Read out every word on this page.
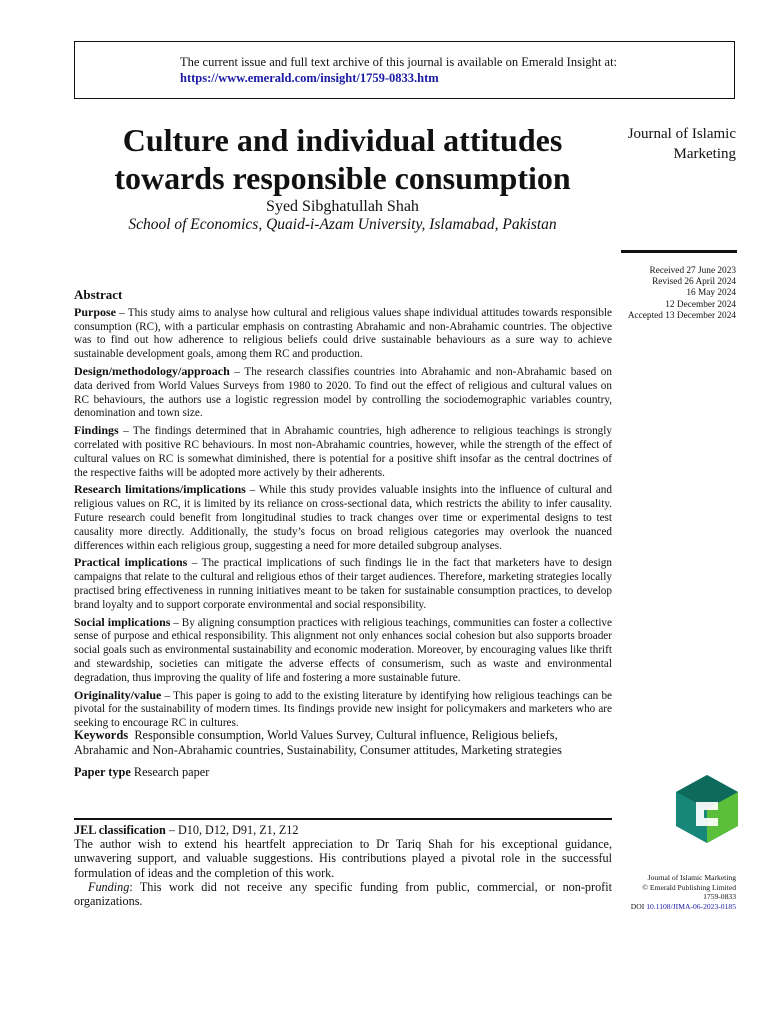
The current issue and full text archive of this journal is available on Emerald Insight at:
https://www.emerald.com/insight/1759-0833.htm
Culture and individual attitudes
towards responsible consumption
Syed Sibghatullah Shah
School of Economics, Quaid-i-Azam University, Islamabad, Pakistan
Journal of Islamic
Marketing
Received 27 June 2023
Revised 26 April 2024
16 May 2024
12 December 2024
Accepted 13 December 2024
Abstract

Purpose – This study aims to analyse how cultural and religious values shape individual attitudes towards responsible consumption (RC), with a particular emphasis on contrasting Abrahamic and non-Abrahamic countries. The objective was to find out how adherence to religious beliefs could drive sustainable behaviours as a sure way to achieve sustainable development goals, among them RC and production.

Design/methodology/approach – The research classifies countries into Abrahamic and non-Abrahamic based on data derived from World Values Surveys from 1980 to 2020. To find out the effect of religious and cultural values on RC behaviours, the authors use a logistic regression model by controlling the sociodemographic variables country, denomination and town size.

Findings – The findings determined that in Abrahamic countries, high adherence to religious teachings is strongly correlated with positive RC behaviours. In most non-Abrahamic countries, however, while the strength of the effect of cultural values on RC is somewhat diminished, there is potential for a positive shift insofar as the central doctrines of the respective faiths will be adopted more actively by their adherents.

Research limitations/implications – While this study provides valuable insights into the influence of cultural and religious values on RC, it is limited by its reliance on cross-sectional data, which restricts the ability to infer causality. Future research could benefit from longitudinal studies to track changes over time or experimental designs to test causality more directly. Additionally, the study’s focus on broad religious categories may overlook the nuanced differences within each religious group, suggesting a need for more detailed subgroup analyses.

Practical implications – The practical implications of such findings lie in the fact that marketers have to design campaigns that relate to the cultural and religious ethos of their target audiences. Therefore, marketing strategies locally practised bring effectiveness in running initiatives meant to be taken for sustainable consumption practices, to develop brand loyalty and to support corporate environmental and social responsibility.

Social implications – By aligning consumption practices with religious teachings, communities can foster a collective sense of purpose and ethical responsibility. This alignment not only enhances social cohesion but also supports broader social goals such as environmental sustainability and economic moderation. Moreover, by encouraging values like thrift and stewardship, societies can mitigate the adverse effects of consumerism, such as waste and environmental degradation, thus improving the quality of life and fostering a more sustainable future.

Originality/value – This paper is going to add to the existing literature by identifying how religious teachings can be pivotal for the sustainability of modern times. Its findings provide new insight for policymakers and marketers who are seeking to encourage RC in cultures.

Keywords Responsible consumption, World Values Survey, Cultural influence, Religious beliefs, Abrahamic and Non-Abrahamic countries, Sustainability, Consumer attitudes, Marketing strategies
Paper type Research paper

JEL classification – D10, D12, D91, Z1, Z12

The author wish to extend his heartfelt appreciation to Dr Tariq Shah for his exceptional guidance, unwavering support, and valuable suggestions. His contributions played a pivotal role in the successful formulation of ideas and the completion of this work.

Funding: This work did not receive any specific funding from public, commercial, or non-profit organizations.

Journal of Islamic Marketing
© Emerald Publishing Limited
1759-0833
DOI 10.1108/JIMA-06-2023-0185
